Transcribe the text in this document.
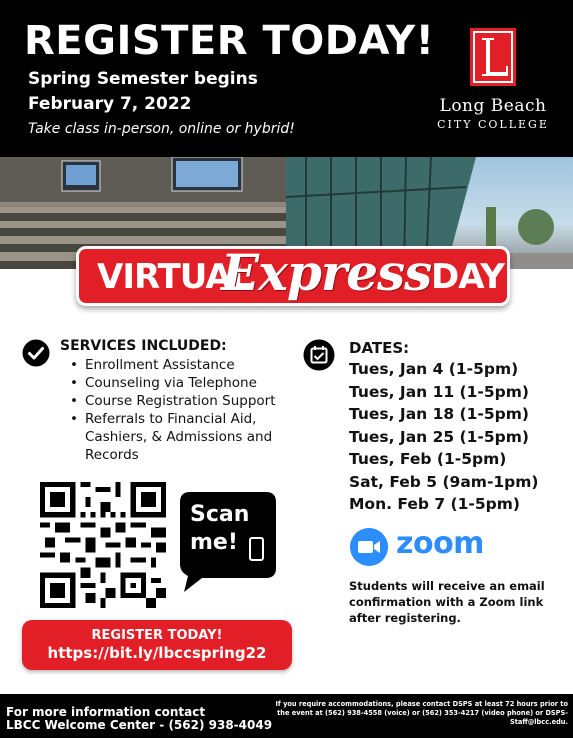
REGISTER TODAY!
Spring Semester begins
February 7, 2022
Take class in-person, online or hybrid!
Long Beach
CITY COLLEGE
VIRTUAL
Express DAY
SERVICES INCLUDED:
• Enrollment Assistance
• Counseling via Telephone
• Course Registration Support
• Referrals to Financial Aid, Cashiers, & Admissions and Records
DATES:
Tues, Jan 4 (1-5pm)
Tues, Jan 11 (1-5pm)
Tues, Jan 18 (1-5pm)
Tues, Jan 25 (1-5pm)
Tues, Feb (1-5pm)
Sat, Feb 5 (9am-1pm)
Mon. Feb 7 (1-5pm)
Scan
me!
REGISTER TODAY!
https://bit.ly/lbccspring22
zoom
Students will receive an email confirmation with a Zoom link after registering.
For more information contact
LBCC Welcome Center - (562) 938-4049
If you require accommodations, please contact DSPS at least 72 hours prior to the event at (562) 938-4558 (voice) or (562) 353-4217 (video phone) or DSPS-Staff@lbcc.edu.
